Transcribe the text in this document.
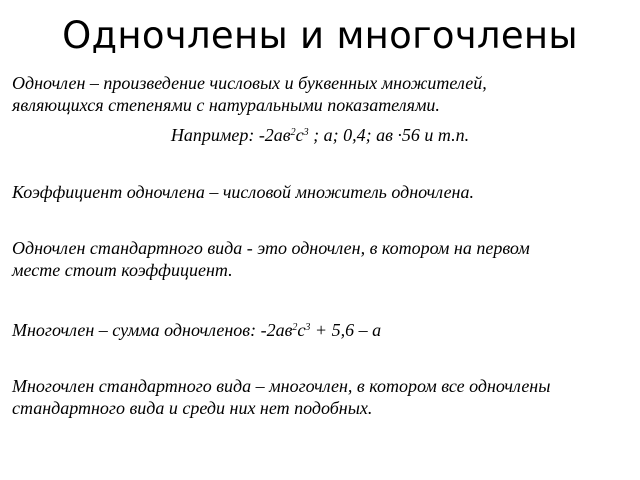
Одночлены и многочлены
Одночлен – произведение числовых и буквенных множителей,
являющихся степенями с натуральными показателями.
Например: $-2ав^2с^3$ ; а; 0,4; ав ·56 и т.п.
Коэффициент одночлена – числовой множитель одночлена.
Одночлен стандартного вида - это одночлен, в котором на первом
месте стоит коэффициент.
Многочлен – сумма одночленов: $-2ав^2с^3 + 5,6 - а$
Многочлен стандартного вида – многочлен, в котором все одночлены
стандартного вида и среди них нет подобных.
